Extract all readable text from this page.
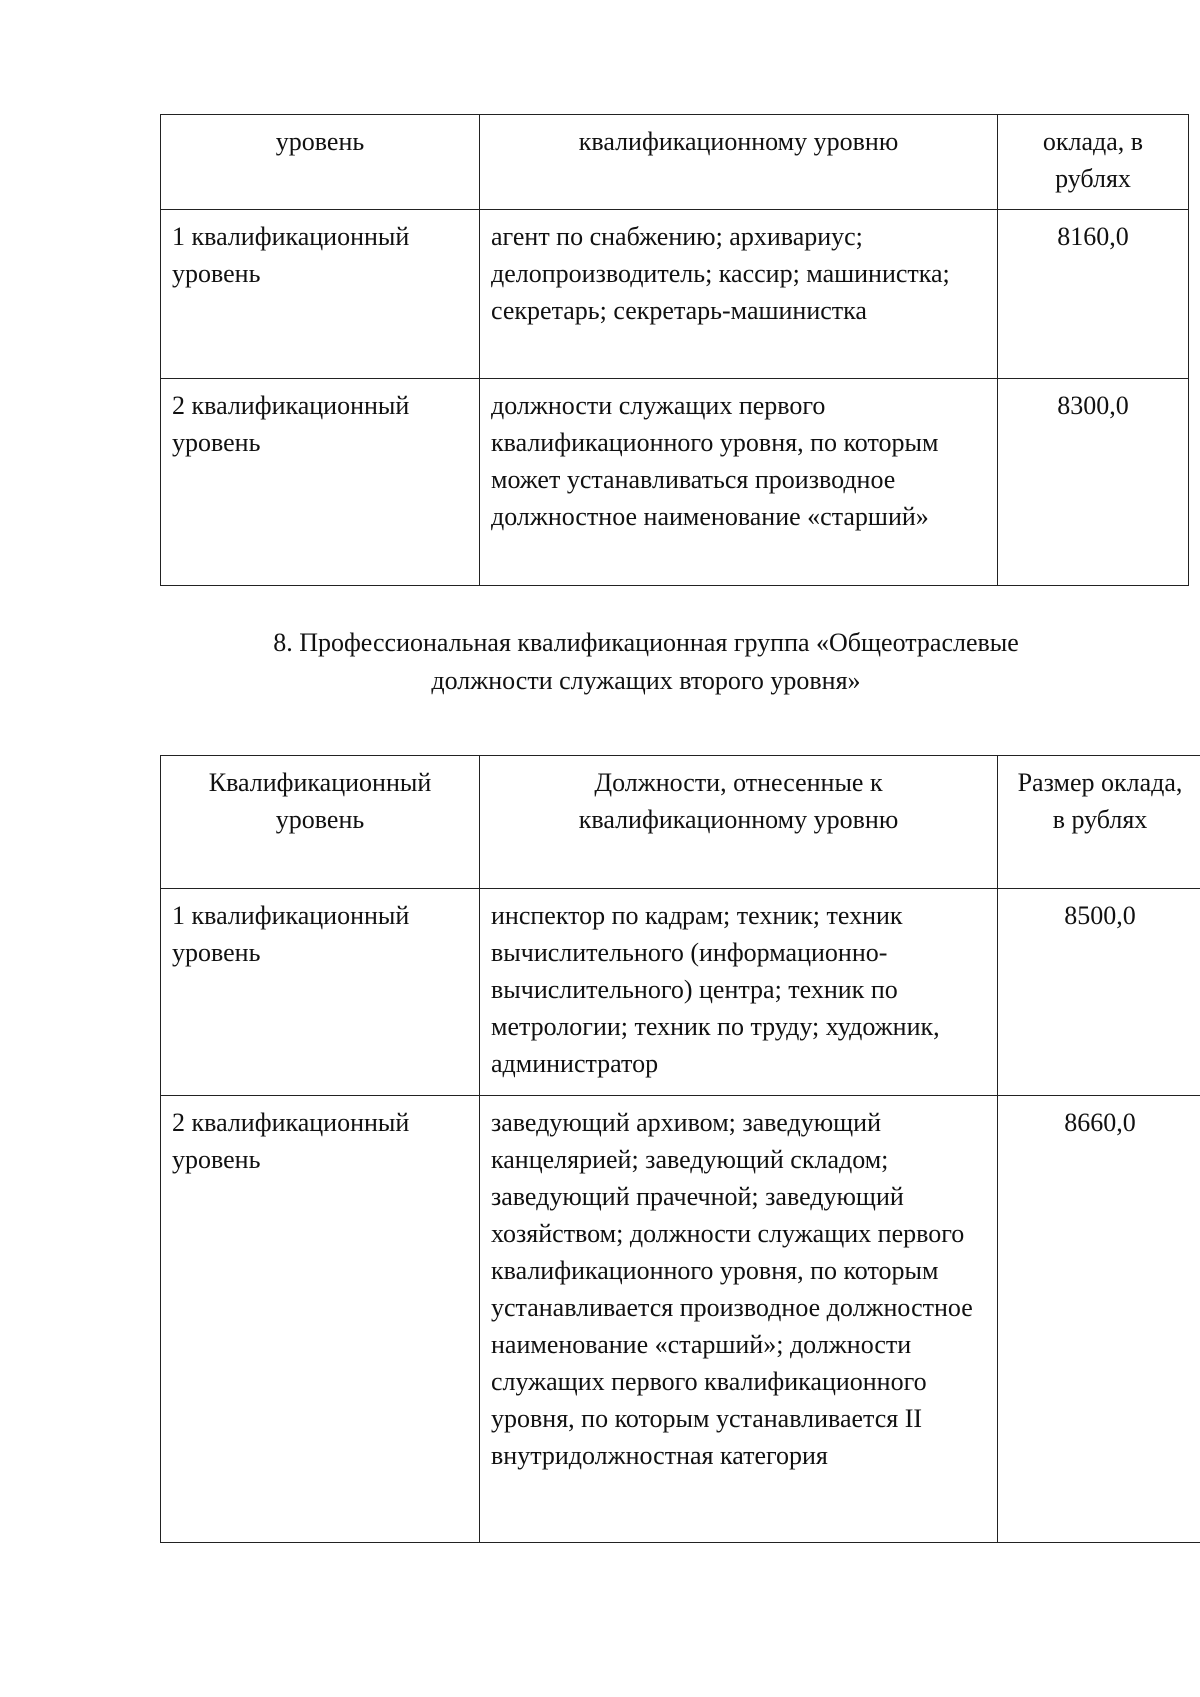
уровень	квалификационному уровню	оклада, в
рублях
1 квалификационный уровень	агент по снабжению; архивариус; делопроизводитель; кассир; машинистка; секретарь; секретарь-машинистка	8160,0
2 квалификационный уровень	должности служащих первого квалификационного уровня, по которым может устанавливаться производное должностное наименование «старший»	8300,0
8. Профессиональная квалификационная группа «Общеотраслевые
должности служащих второго уровня»
Квалификационный уровень	Должности, отнесенные к квалификационному уровню	Размер оклада, в рублях
1 квалификационный уровень	инспектор по кадрам; техник; техник вычислительного (информационно-вычислительного) центра; техник по метрологии; техник по труду; художник, администратор	8500,0
2 квалификационный уровень	заведующий архивом; заведующий канцелярией; заведующий складом; заведующий прачечной; заведующий хозяйством; должности служащих первого квалификационного уровня, по которым устанавливается производное должностное наименование «старший»; должности служащих первого квалификационного уровня, по которым устанавливается II внутридолжностная категория	8660,0
